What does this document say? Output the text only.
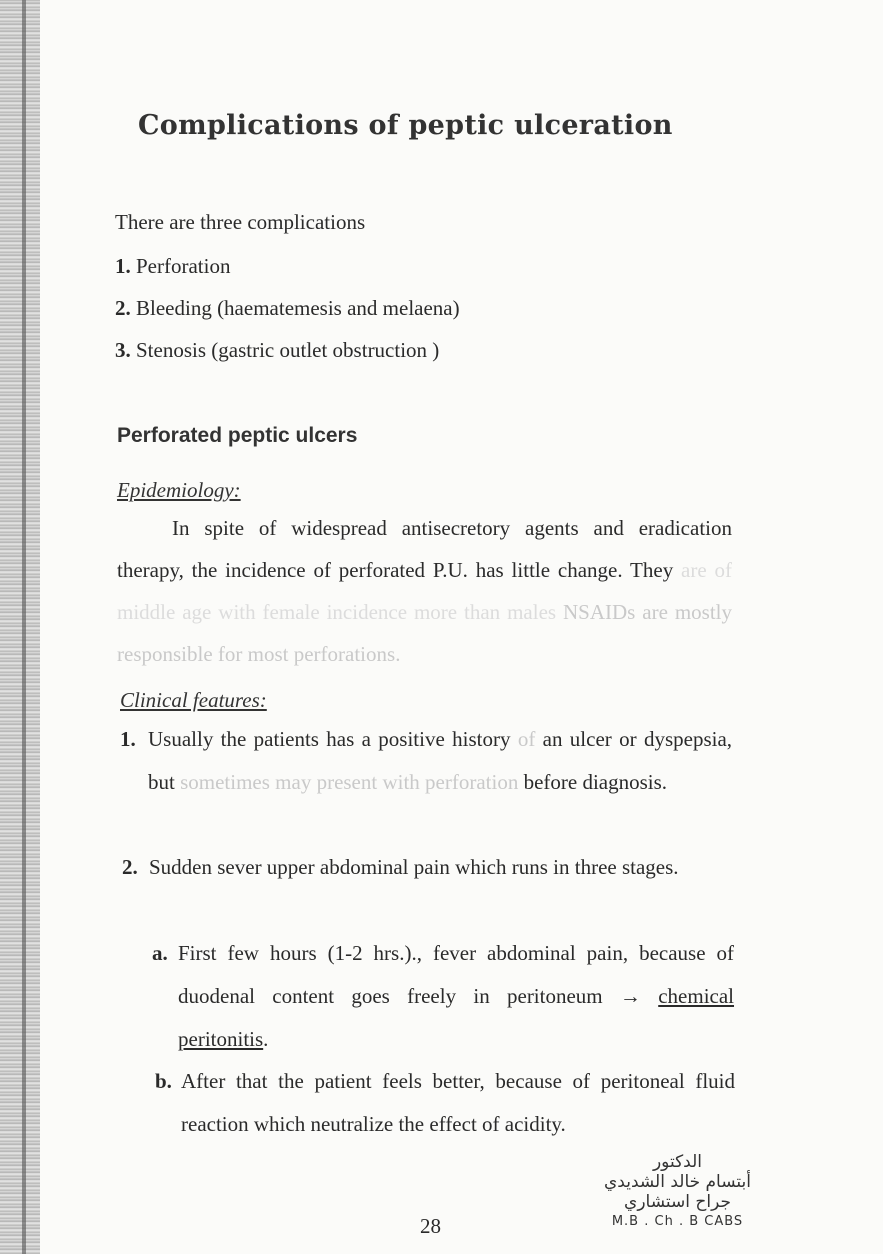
Complications of peptic ulceration

There are three complications

1. Perforation

2. Bleeding (haematemesis and melaena)

3. Stenosis (gastric outlet obstruction )

Perforated peptic ulcers

Epidemiology:

In spite of widespread antisecretory agents and eradication therapy, the incidence of perforated P.U. has little change. They are of middle age with female incidence more than males NSAIDs are mostly responsible for most perforations.

Clinical features:

1. Usually the patients has a positive history of an ulcer or dyspepsia, but sometimes may present with perforation before diagnosis.
2. Sudden sever upper abdominal pain which runs in three stages.
a. First few hours (1-2 hrs.)., fever abdominal pain, because of duodenal content goes freely in peritoneum → chemical peritonitis.
b. After that the patient feels better, because of peritoneal fluid reaction which neutralize the effect of acidity.
الدكتور
أبتسام خالد الشديدي
جراح استشاري
M.B . Ch . B CABS

28
